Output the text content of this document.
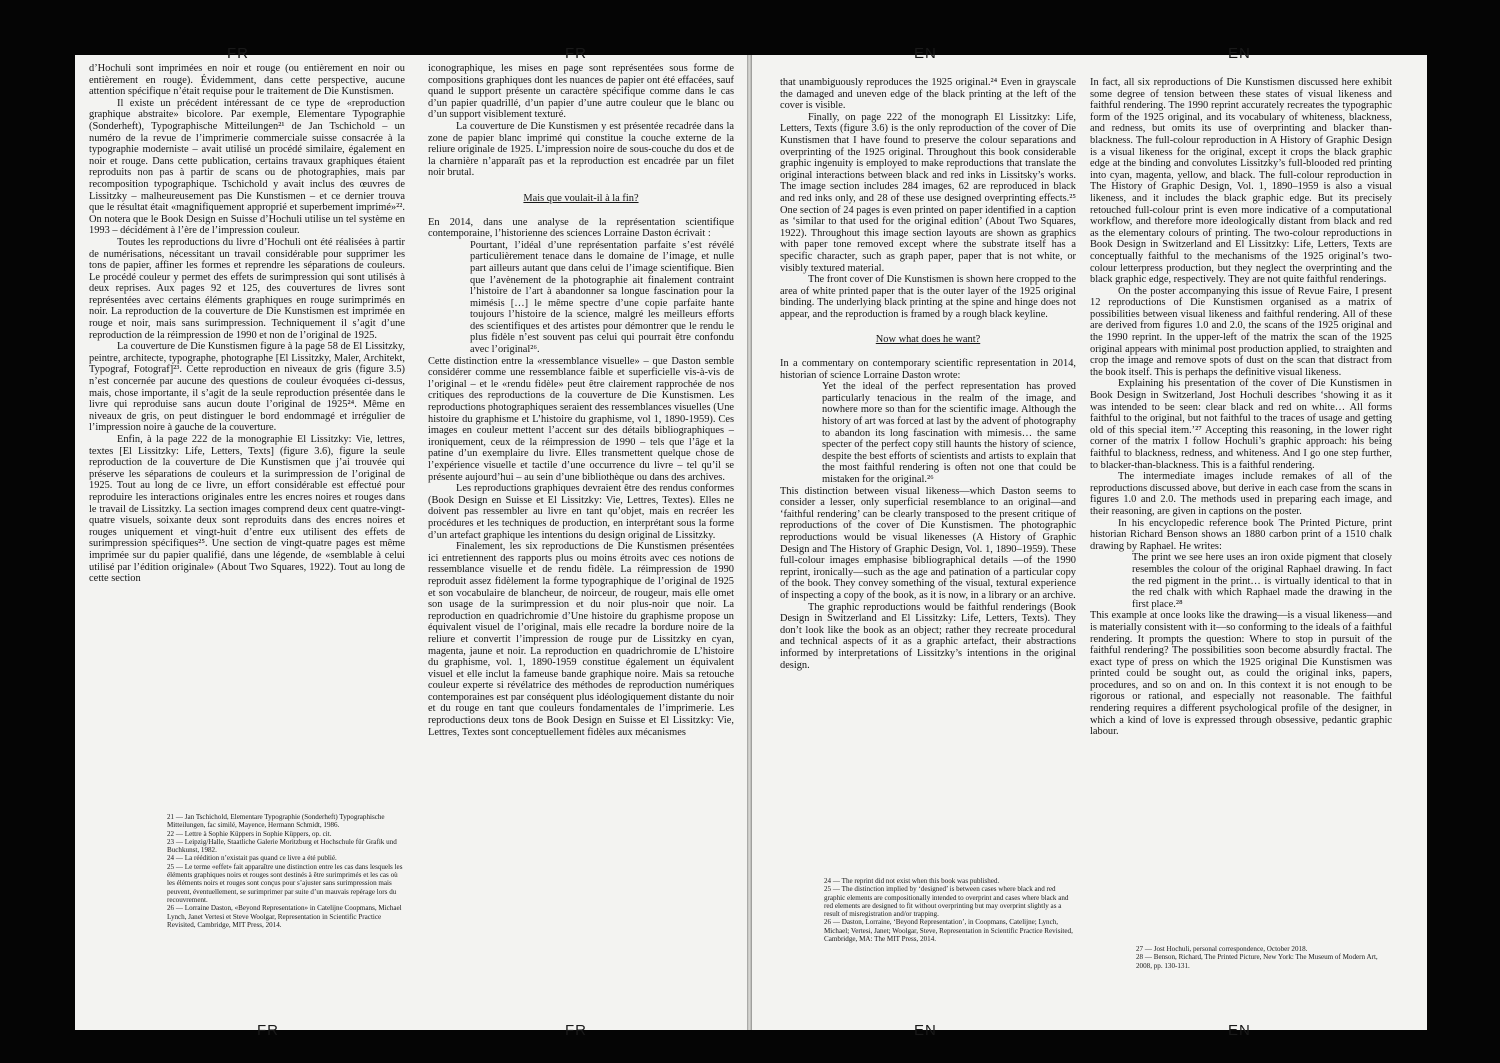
FR	FR

d’Hochuli sont imprimées en noir et rouge (ou entièrement en noir ou entièrement en rouge). Évidemment, dans cette perspective, aucune attention spécifique n’était requise pour le traitement de Die Kunstismen.

Il existe un précédent intéressant de ce type de «reproduction graphique abstraite» bicolore. Par exemple, Elementare Typographie (Sonderheft), Typographische Mitteilungen²¹ de Jan Tschichold – un numéro de la revue de l’imprimerie commerciale suisse consacrée à la typographie moderniste – avait utilisé un procédé similaire, également en noir et rouge. Dans cette publication, certains travaux graphiques étaient reproduits non pas à partir de scans ou de photographies, mais par recomposition typographique. Tschichold y avait inclus des œuvres de Lissitzky – malheureusement pas Die Kunstismen – et ce dernier trouva que le résultat était «magnifiquement approprié et superbement imprimé»²². On notera que le Book Design en Suisse d’Hochuli utilise un tel système en 1993 – décidément à l’ère de l’impression couleur.

Toutes les reproductions du livre d’Hochuli ont été réalisées à partir de numérisations, nécessitant un travail considérable pour supprimer les tons de papier, affiner les formes et reprendre les séparations de couleurs. Le procédé couleur y permet des effets de surimpression qui sont utilisés à deux reprises. Aux pages 92 et 125, des couvertures de livres sont représentées avec certains éléments graphiques en rouge surimprimés en noir. La reproduction de la couverture de Die Kunstismen est imprimée en rouge et noir, mais sans surimpression. Techniquement il s’agit d’une reproduction de la réimpression de 1990 et non de l’original de 1925.

La couverture de Die Kunstismen figure à la page 58 de El Lissitzky, peintre, architecte, typographe, photographe [El Lissitzky, Maler, Architekt, Typograf, Fotograf]²³. Cette reproduction en niveaux de gris (figure 3.5) n’est concernée par aucune des questions de couleur évoquées ci-dessus, mais, chose importante, il s’agit de la seule reproduction présentée dans le livre qui reproduise sans aucun doute l’original de 1925²⁴. Même en niveaux de gris, on peut distinguer le bord endommagé et irrégulier de l’impression noire à gauche de la couverture.

Enfin, à la page 222 de la monographie El Lissitzky: Vie, lettres, textes [El Lissitzky: Life, Letters, Texts] (figure 3.6), figure la seule reproduction de la couverture de Die Kunstismen que j’ai trouvée qui préserve les séparations de couleurs et la surimpression de l’original de 1925. Tout au long de ce livre, un effort considérable est effectué pour reproduire les interactions originales entre les encres noires et rouges dans le travail de Lissitzky. La section images comprend deux cent quatre-vingt-quatre visuels, soixante deux sont reproduits dans des encres noires et rouges uniquement et vingt-huit d’entre eux utilisent des effets de surimpression spécifiques²⁵. Une section de vingt-quatre pages est même imprimée sur du papier qualifié, dans une légende, de «semblable à celui utilisé par l’édition originale» (About Two Squares, 1922). Tout au long de cette section

21 — Jan Tschichold, Elementare Typographie (Sonderheft) Typographische Mitteilungen, fac similé, Mayence, Hermann Schmidt, 1986.

22 — Lettre à Sophie Küppers in Sophie Küppers, op. cit.

23 — Leipzig/Halle, Staatliche Galerie Moritzburg et Hochschule für Grafik und Buchkunst, 1982.

24 — La réédition n’existait pas quand ce livre a été publié.

25 — Le terme «effet» fait apparaître une distinction entre les cas dans lesquels les éléments graphiques noirs et rouges sont destinés à être surimprimés et les cas où les éléments noirs et rouges sont conçus pour s’ajuster sans surimpression mais peuvent, éventuellement, se surimprimer par suite d’un mauvais repérage lors du recouvrement.

26 — Lorraine Daston, «Beyond Representation» in Catelijne Coopmans, Michael Lynch, Janet Vertesi et Steve Woolgar, Representation in Scientific Practice Revisited, Cambridge, MIT Press, 2014.

iconographique, les mises en page sont représentées sous forme de compositions graphiques dont les nuances de papier ont été effacées, sauf quand le support présente un caractère spécifique comme dans le cas d’un papier quadrillé, d’un papier d’une autre couleur que le blanc ou d’un support visiblement texturé.

La couverture de Die Kunstismen y est présentée recadrée dans la zone de papier blanc imprimé qui constitue la couche externe de la reliure originale de 1925. L’impression noire de sous-couche du dos et de la charnière n’apparaît pas et la reproduction est encadrée par un filet noir brutal.

Mais que voulait-il à la fin?

En 2014, dans une analyse de la représentation scientifique contemporaine, l’historienne des sciences Lorraine Daston écrivait :

Pourtant, l’idéal d’une représentation parfaite s’est révélé particulièrement tenace dans le domaine de l’image, et nulle part ailleurs autant que dans celui de l’image scientifique. Bien que l’avènement de la photographie ait finalement contraint l’histoire de l’art à abandonner sa longue fascination pour la mimésis […] le même spectre d’une copie parfaite hante toujours l’histoire de la science, malgré les meilleurs efforts des scientifiques et des artistes pour démontrer que le rendu le plus fidèle n’est souvent pas celui qui pourrait être confondu avec l’original²⁶.

Cette distinction entre la «ressemblance visuelle» – que Daston semble considérer comme une ressemblance faible et superficielle vis-à-vis de l’original – et le «rendu fidèle» peut être clairement rapprochée de nos critiques des reproductions de la couverture de Die Kunstismen. Les reproductions photographiques seraient des ressemblances visuelles (Une histoire du graphisme et L’histoire du graphisme, vol 1, 1890-1959). Ces images en couleur mettent l’accent sur des détails bibliographiques – ironiquement, ceux de la réimpression de 1990 – tels que l’âge et la patine d’un exemplaire du livre. Elles transmettent quelque chose de l’expérience visuelle et tactile d’une occurrence du livre – tel qu’il se présente aujourd’hui – au sein d’une bibliothèque ou dans des archives.

Les reproductions graphiques devraient être des rendus conformes (Book Design en Suisse et El Lissitzky: Vie, Lettres, Textes). Elles ne doivent pas ressembler au livre en tant qu’objet, mais en recréer les procédures et les techniques de production, en interprétant sous la forme d’un artefact graphique les intentions du design original de Lissitzky.

Finalement, les six reproductions de Die Kunstismen présentées ici entretiennent des rapports plus ou moins étroits avec ces notions de ressemblance visuelle et de rendu fidèle. La réimpression de 1990 reproduit assez fidèlement la forme typographique de l’original de 1925 et son vocabulaire de blancheur, de noirceur, de rougeur, mais elle omet son usage de la surimpression et du noir plus-noir que noir. La reproduction en quadrichromie d’Une histoire du graphisme propose un équivalent visuel de l’original, mais elle recadre la bordure noire de la reliure et convertit l’impression de rouge pur de Lissitzky en cyan, magenta, jaune et noir. La reproduction en quadrichromie de L’histoire du graphisme, vol. 1, 1890-1959 constitue également un équivalent visuel et elle inclut la fameuse bande graphique noire. Mais sa retouche couleur experte si révélatrice des méthodes de reproduction numériques contemporaines est par conséquent plus idéologiquement distante du noir et du rouge en tant que couleurs fondamentales de l’imprimerie. Les reproductions deux tons de Book Design en Suisse et El Lissitzky: Vie, Lettres, Textes sont conceptuellement fidèles aux mécanismes

FR	FR
EN	EN

that unambiguously reproduces the 1925 original.²⁴ Even in grayscale the damaged and uneven edge of the black printing at the left of the cover is visible.

Finally, on page 222 of the monograph El Lissitzky: Life, Letters, Texts (figure 3.6) is the only reproduction of the cover of Die Kunstismen that I have found to preserve the colour separations and overprinting of the 1925 original. Throughout this book considerable graphic ingenuity is employed to make reproductions that translate the original interactions between black and red inks in Lissitsky’s works. The image section includes 284 images, 62 are reproduced in black and red inks only, and 28 of these use designed overprinting effects.²⁵ One section of 24 pages is even printed on paper identified in a caption as ‘similar to that used for the original edition’ (About Two Squares, 1922). Throughout this image section layouts are shown as graphics with paper tone removed except where the substrate itself has a specific character, such as graph paper, paper that is not white, or visibly textured material.

The front cover of Die Kunstismen is shown here cropped to the area of white printed paper that is the outer layer of the 1925 original binding. The underlying black printing at the spine and hinge does not appear, and the reproduction is framed by a rough black keyline.

Now what does he want?

In a commentary on contemporary scientific representation in 2014, historian of science Lorraine Daston wrote:

Yet the ideal of the perfect representation has proved particularly tenacious in the realm of the image, and nowhere more so than for the scientific image. Although the history of art was forced at last by the advent of photography to abandon its long fascination with mimesis… the same specter of the perfect copy still haunts the history of science, despite the best efforts of scientists and artists to explain that the most faithful rendering is often not one that could be mistaken for the original.²⁶

This distinction between visual likeness—which Daston seems to consider a lesser, only superficial resemblance to an original—and ‘faithful rendering’ can be clearly transposed to the present critique of reproductions of the cover of Die Kunstismen. The photographic reproductions would be visual likenesses (A History of Graphic Design and The History of Graphic Design, Vol. 1, 1890–1959). These full-colour images emphasise bibliographical details —of the 1990 reprint, ironically—such as the age and patination of a particular copy of the book. They convey something of the visual, textural experience of inspecting a copy of the book, as it is now, in a library or an archive.

The graphic reproductions would be faithful renderings (Book Design in Switzerland and El Lissitzky: Life, Letters, Texts). They don’t look like the book as an object; rather they recreate procedural and technical aspects of it as a graphic artefact, their abstractions informed by interpretations of Lissitzky’s intentions in the original design.

24 — The reprint did not exist when this book was published.

25 — The distinction implied by ‘designed’ is between cases where black and red graphic elements are compositionally intended to overprint and cases where black and red elements are designed to fit without overprinting but may overprint slightly as a result of misregistration and/or trapping.

26 — Daston, Lorraine, ‘Beyond Representation’, in Coopmans, Catelijne; Lynch, Michael; Vertesi, Janet; Woolgar, Steve, Representation in Scientific Practice Revisited, Cambridge, MA: The MIT Press, 2014.

In fact, all six reproductions of Die Kunstismen discussed here exhibit some degree of tension between these states of visual likeness and faithful rendering. The 1990 reprint accurately recreates the typographic form of the 1925 original, and its vocabulary of whiteness, blackness, and redness, but omits its use of overprinting and blacker than-blackness. The full-colour reproduction in A History of Graphic Design is a visual likeness for the original, except it crops the black graphic edge at the binding and convolutes Lissitzky’s full-blooded red printing into cyan, magenta, yellow, and black. The full-colour reproduction in The History of Graphic Design, Vol. 1, 1890–1959 is also a visual likeness, and it includes the black graphic edge. But its precisely retouched full-colour print is even more indicative of a computational workflow, and therefore more ideologically distant from black and red as the elementary colours of printing. The two-colour reproductions in Book Design in Switzerland and El Lissitzky: Life, Letters, Texts are conceptually faithful to the mechanisms of the 1925 original’s two-colour letterpress production, but they neglect the overprinting and the black graphic edge, respectively. They are not quite faithful renderings.

On the poster accompanying this issue of Revue Faire, I present 12 reproductions of Die Kunstismen organised as a matrix of possibilities between visual likeness and faithful rendering. All of these are derived from figures 1.0 and 2.0, the scans of the 1925 original and the 1990 reprint. In the upper-left of the matrix the scan of the 1925 original appears with minimal post production applied, to straighten and crop the image and remove spots of dust on the scan that distract from the book itself. This is perhaps the definitive visual likeness.

Explaining his presentation of the cover of Die Kunstismen in Book Design in Switzerland, Jost Hochuli describes ‘showing it as it was intended to be seen: clear black and red on white… All forms faithful to the original, but not faithful to the traces of usage and getting old of this special item.’²⁷ Accepting this reasoning, in the lower right corner of the matrix I follow Hochuli’s graphic approach: his being faithful to blackness, redness, and whiteness. And I go one step further, to blacker-than-blackness. This is a faithful rendering.

The intermediate images include remakes of all of the reproductions discussed above, but derive in each case from the scans in figures 1.0 and 2.0. The methods used in preparing each image, and their reasoning, are given in captions on the poster.

In his encyclopedic reference book The Printed Picture, print historian Richard Benson shows an 1880 carbon print of a 1510 chalk drawing by Raphael. He writes:

The print we see here uses an iron oxide pigment that closely resembles the colour of the original Raphael drawing. In fact the red pigment in the print… is virtually identical to that in the red chalk with which Raphael made the drawing in the first place.²⁸

This example at once looks like the drawing—is a visual likeness—and is materially consistent with it—so conforming to the ideals of a faithful rendering. It prompts the question: Where to stop in pursuit of the faithful rendering? The possibilities soon become absurdly fractal. The exact type of press on which the 1925 original Die Kunstismen was printed could be sought out, as could the original inks, papers, procedures, and so on and on. In this context it is not enough to be rigorous or rational, and especially not reasonable. The faithful rendering requires a different psychological profile of the designer, in which a kind of love is expressed through obsessive, pedantic graphic labour.

27 — Jost Hochuli, personal correspondence, October 2018.

28 — Benson, Richard, The Printed Picture, New York: The Museum of Modern Art, 2008, pp. 130-131.

EN	EN
